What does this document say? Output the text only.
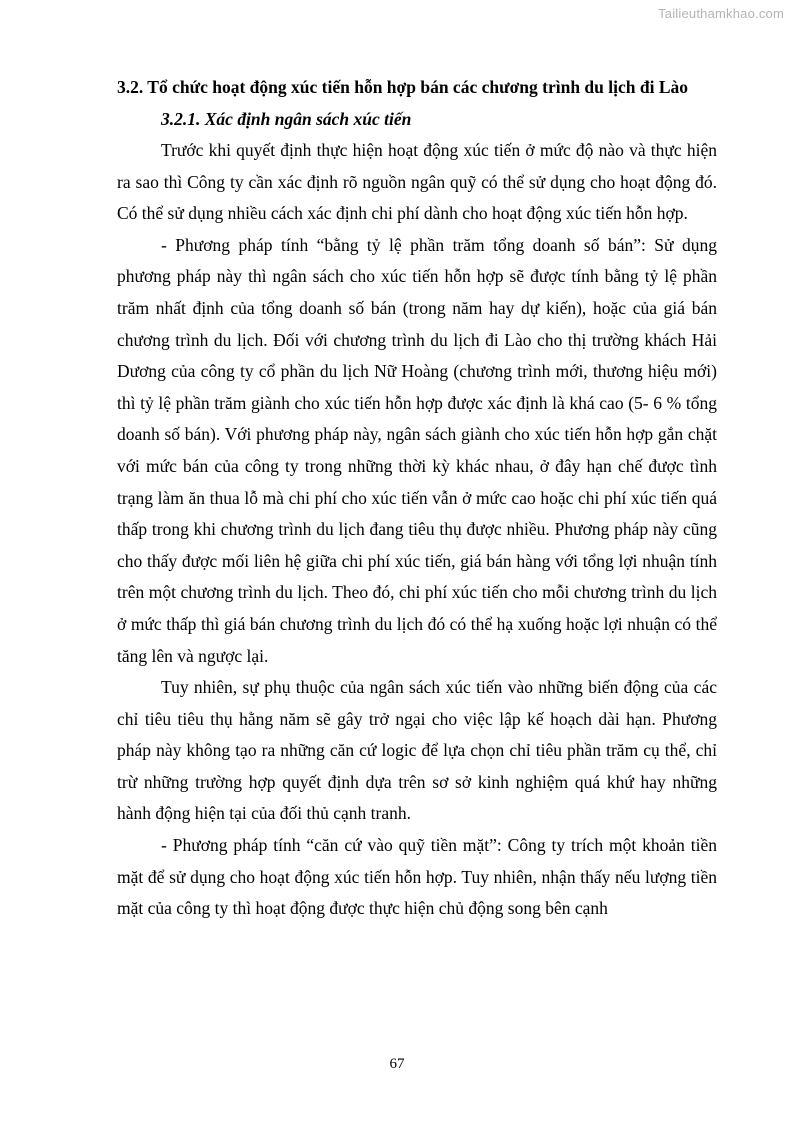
Tailieuthamkhao.com

3.2. Tổ chức hoạt động xúc tiến hỗn hợp bán các chương trình du lịch đi Lào

3.2.1. Xác định ngân sách xúc tiến

Trước khi quyết định thực hiện hoạt động xúc tiến ở mức độ nào và thực hiện ra sao thì Công ty cần xác định rõ nguồn ngân quỹ có thể sử dụng cho hoạt động đó. Có thể sử dụng nhiều cách xác định chi phí dành cho hoạt động xúc tiến hỗn hợp.

- Phương pháp tính “bằng tỷ lệ phần trăm tổng doanh số bán”: Sử dụng phương pháp này thì ngân sách cho xúc tiến hỗn hợp sẽ được tính bằng tỷ lệ phần trăm nhất định của tổng doanh số bán (trong năm hay dự kiến), hoặc của giá bán chương trình du lịch. Đối với chương trình du lịch đi Lào cho thị trường khách Hải Dương của công ty cổ phần du lịch Nữ Hoàng (chương trình mới, thương hiệu mới) thì tỷ lệ phần trăm giành cho xúc tiến hỗn hợp được xác định là khá cao (5- 6 % tổng doanh số bán). Với phương pháp này, ngân sách giành cho xúc tiến hỗn hợp gắn chặt với mức bán của công ty trong những thời kỳ khác nhau, ở đây hạn chế được tình trạng làm ăn thua lỗ mà chi phí cho xúc tiến vẫn ở mức cao hoặc chi phí xúc tiến quá thấp trong khi chương trình du lịch đang tiêu thụ được nhiều. Phương pháp này cũng cho thấy được mối liên hệ giữa chi phí xúc tiến, giá bán hàng với tổng lợi nhuận tính trên một chương trình du lịch. Theo đó, chi phí xúc tiến cho mỗi chương trình du lịch ở mức thấp thì giá bán chương trình du lịch đó có thể hạ xuống hoặc lợi nhuận có thể tăng lên và ngược lại.

Tuy nhiên, sự phụ thuộc của ngân sách xúc tiến vào những biến động của các chỉ tiêu tiêu thụ hằng năm sẽ gây trở ngại cho việc lập kế hoạch dài hạn. Phương pháp này không tạo ra những căn cứ logic để lựa chọn chỉ tiêu phần trăm cụ thể, chỉ trừ những trường hợp quyết định dựa trên sơ sở kinh nghiệm quá khứ hay những hành động hiện tại của đối thủ cạnh tranh.

- Phương pháp tính “căn cứ vào quỹ tiền mặt”: Công ty trích một khoản tiền mặt để sử dụng cho hoạt động xúc tiến hỗn hợp. Tuy nhiên, nhận thấy nếu lượng tiền mặt của công ty thì hoạt động được thực hiện chủ động song bên cạnh

67
